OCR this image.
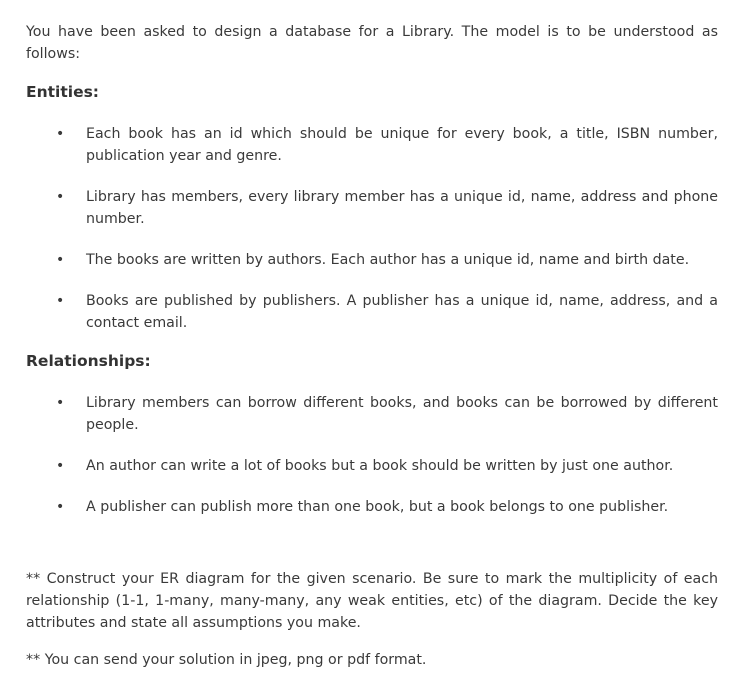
You have been asked to design a database for a Library. The model is to be understood as follows:

Entities:
• Each book has an id which should be unique for every book, a title, ISBN number, publication year and genre.
• Library has members, every library member has a unique id, name, address and phone number.
• The books are written by authors. Each author has a unique id, name and birth date.
• Books are published by publishers. A publisher has a unique id, name, address, and a contact email.
Relationships:
• Library members can borrow different books, and books can be borrowed by different people.
• An author can write a lot of books but a book should be written by just one author.
• A publisher can publish more than one book, but a book belongs to one publisher.

** Construct your ER diagram for the given scenario. Be sure to mark the multiplicity of each relationship (1-1, 1-many, many-many, any weak entities, etc) of the diagram. Decide the key attributes and state all assumptions you make.

** You can send your solution in jpeg, png or pdf format.
